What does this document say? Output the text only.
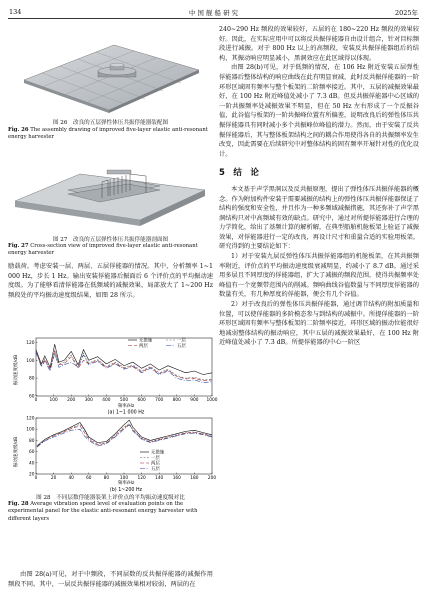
134	中 国 舰 船 研 究	2025年
图 26　改良的五层弹性体压共振俘能器装配图
Fig. 26 The assembly drawing of improved five-layer elastic anti-resonant energy harvester
图 27　改良的五层弹性体压共振俘能器剖面图
Fig. 27 Cross-section view of improved five-layer elastic anti-resonant energy harvester

励载荷，考虑安装一层、两层、五层俘能器的情况。其中，分析频率 1~1 000 Hz，步长 1 Hz。输出安装俘能器后振面后 6 个评价点的平均振动速度级。为了能够看清俘能器在低频域的减振效果，局部放大了 1~200 Hz 频段处的平均振动速度级结果，如图 28 所示。

振动速度级/dB
频率/Hz
(a) 1~1 000 Hz
0	100 200 300 400 500 600 700 800 900 1000
60
80
100
120	无措施	一层
两层	五层
振动速度级/dB
频率/Hz
(b) 1~200 Hz
0	20	40	60	80	100 120 140 160 180 200
20
40
60
80
100
120
无措施
一层
两层
五层
图 28　不同层数俘能器装架上评价点的平均振动速度级对比
Fig. 28 Average vibration speed level of evaluation points on the experimental panel for the elastic anti-resonant energy harvester with different layers

由图 28(a)可见，对于中频段，不同层数的反共振俘能器的减振作用频段不同。其中，一层反共振俘能器的减振效果相对较弱，两层的在

240~290 Hz 频段的效果较好，五层的在 180~220 Hz 频段的效果较好。因此，在实际应用中可以将反共振俘能器自由设计组合，针对目标频段进行减振。对于 800 Hz 以上的高频段，安装反共振俘能器组后的结构，其振动响应明显减小，黑洞效应在此区域得以体现。

由图 28(b)可见，对于低频的情况，在 106 Hz 附近安装五层弹性俘能器后整体结构的响应曲线在此有明显衰减，此时反共振俘能器的一阶环形区域固有频率与整个板架的二阶频率接近。其中，五层的减振效果最好，在 100 Hz 附近峰值处减小了 7.3 dB。但反共振俘能器中心区域的一阶共振频率处减振效果不明显，但在 50 Hz 左右形成了一个反振谷值，此谷值与板架的一阶共振峰位置有所偏差，说明改良后的弹性体压共振俘能器具有同时减小多个共振峰位峰值的潜力。然而，由于安装了反共振俘能器后，其与整体板架结构之间的耦合作用使得各自的共振频率发生改变，因此需要在后续研究中对整体结构的固有频率开展针对性的优化设计。

5　结　论

本文基于声学黑洞以及反共振原理，提出了弹性体压共振俘能器的概念。作为附加构件安装于需要减振的结构上的弹性体压共振俘能器保证了结构的强度和安全性，并且作为一种多频域减振措施，其还弥补了声学黑洞结构只对中高频域有效的缺点。研究中，通过对所提俘能器进行合理的力学简化，给出了基频计算的解析解，在典型船舶机舱板架上验证了减振效果，对俘能器进行一定的改良，再设计尺寸和重量合适的实验用板架。研究得到的主要结论如下：

1）对于安装九层反弹性体压共振俘能器组的机舱板架，在其共振频率附近，评价点的平均振动速度级衰减明显，约减小了 8.7 dB。通过采用多层且不同厚度的俘能器组，扩大了减振的频段范围，使得共振频率处峰值有一个宽频带范围内的削减。频响曲线谷值数量与不同厚度俘能器的数量有关，有几种厚度的俘能器，便会有几个谷值。

2）对于改良后的弹性体压共振俘能器，通过调节结构的附加质量和位置，可以使俘能器的多阶模态参与到结构的减振中。所提俘能器的一阶环形区域固有频率与整体板架的二阶频率接近，环形区域的振动位能很好地减弱整体结构的振动响应，其中五层的减振效果最好，在 100 Hz 附近峰值处减小了 7.3 dB。所提俘能器的中心一阶区
